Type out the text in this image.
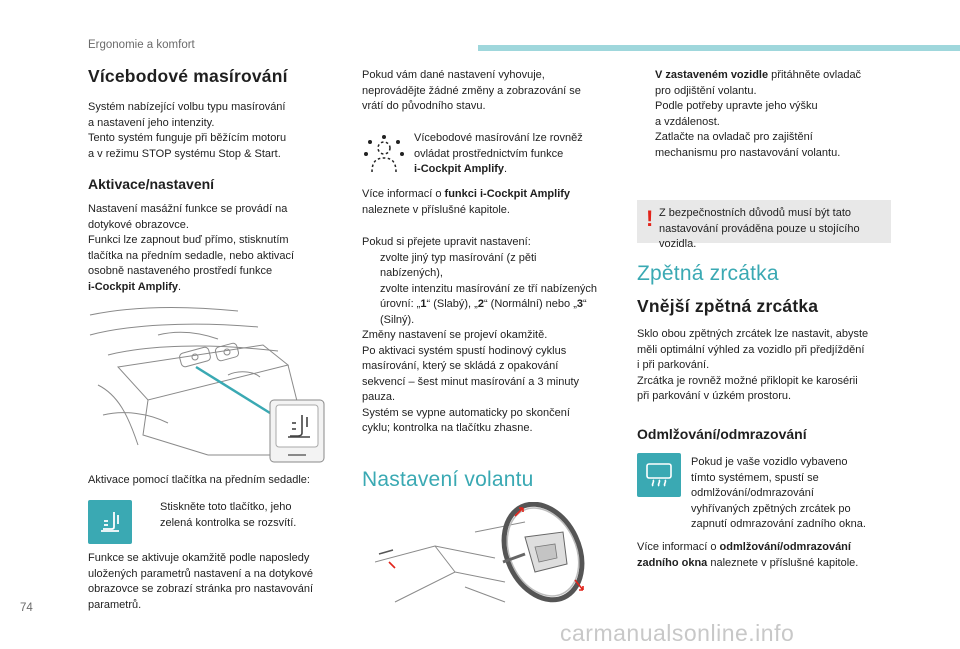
Ergonomie a komfort
Vícebodové masírování
Systém nabízející volbu typu masírování
a nastavení jeho intenzity.
Tento systém funguje při běžícím motoru
a v režimu STOP systému Stop & Start.
Aktivace/nastavení
Nastavení masážní funkce se provádí na
dotykové obrazovce.
Funkci lze zapnout buď přímo, stisknutím
tlačítka na předním sedadle, nebo aktivací
osobně nastaveného prostředí funkce
i-Cockpit Amplify.
Aktivace pomocí tlačítka na předním sedadle:
Stiskněte toto tlačítko, jeho
zelená kontrolka se rozsvítí.
Funkce se aktivuje okamžitě podle naposledy
uložených parametrů nastavení a na dotykové
obrazovce se zobrazí stránka pro nastavování
parametrů.
Pokud vám dané nastavení vyhovuje,
neprovádějte žádné změny a zobrazování se
vrátí do původního stavu.
Vícebodové masírování lze rovněž
ovládat prostřednictvím funkce
i-Cockpit Amplify.
Více informací o funkci i-Cockpit Amplify
naleznete v příslušné kapitole.
Pokud si přejete upravit nastavení:
zvolte jiný typ masírování (z pěti
nabízených),
zvolte intenzitu masírování ze tří nabízených
úrovní: „1“ (Slabý), „2“ (Normální) nebo „3“
(Silný).
Změny nastavení se projeví okamžitě.
Po aktivaci systém spustí hodinový cyklus
masírování, který se skládá z opakování
sekvencí – šest minut masírování a 3 minuty
pauza.
Systém se vypne automaticky po skončení
cyklu; kontrolka na tlačítku zhasne.
Nastavení volantu
V zastaveném vozidle přitáhněte ovladač
pro odjištění volantu.
Podle potřeby upravte jeho výšku
a vzdálenost.
Zatlačte na ovladač pro zajištění
mechanismu pro nastavování volantu.
! Z bezpečnostních důvodů musí být tato
nastavování prováděna pouze u stojícího
vozidla.
Zpětná zrcátka
Vnější zpětná zrcátka
Sklo obou zpětných zrcátek lze nastavit, abyste
měli optimální výhled za vozidlo při předjíždění
i při parkování.
Zrcátka je rovněž možné přiklopit ke karosérii
při parkování v úzkém prostoru.
Odmlžování/odmrazování
Pokud je vaše vozidlo vybaveno
tímto systémem, spustí se
odmlžování/odmrazování
vyhřívaných zpětných zrcátek po
zapnutí odmrazování zadního okna.
Více informací o odmlžování/odmrazování
zadního okna naleznete v příslušné kapitole.
74
carmanualsonline.info
